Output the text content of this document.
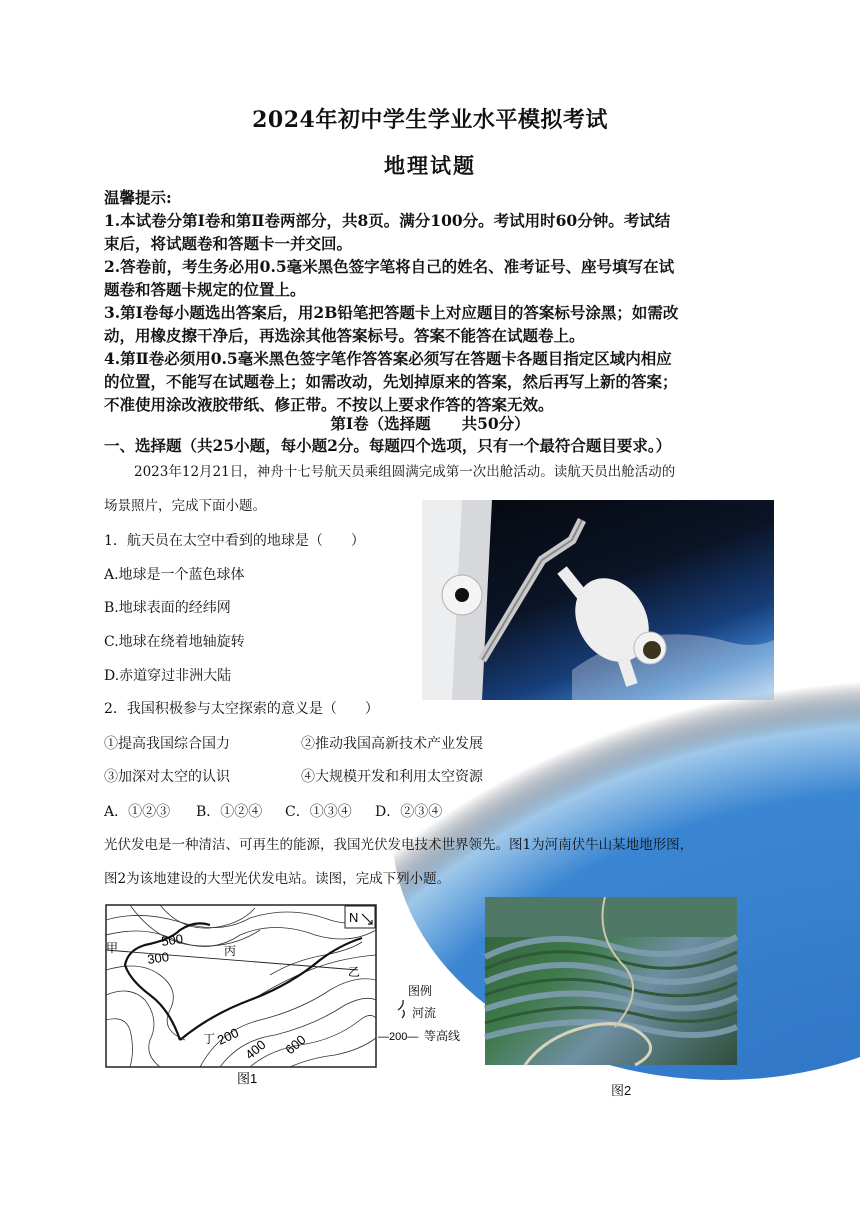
2024年初中学生学业水平模拟考试
地理试题
温馨提示:
1.本试卷分第Ⅰ卷和第Ⅱ卷两部分，共8页。满分100分。考试用时60分钟。考试结
束后，将试题卷和答题卡一并交回。
2.答卷前，考生务必用0.5毫米黑色签字笔将自己的姓名、准考证号、座号填写在试
题卷和答题卡规定的位置上。
3.第Ⅰ卷每小题选出答案后，用2B铅笔把答题卡上对应题目的答案标号涂黑；如需改
动，用橡皮擦干净后，再选涂其他答案标号。答案不能答在试题卷上。
4.第Ⅱ卷必须用0.5毫米黑色签字笔作答答案必须写在答题卡各题目指定区域内相应
的位置，不能写在试题卷上；如需改动，先划掉原来的答案，然后再写上新的答案；
不准使用涂改液胶带纸、修正带。不按以上要求作答的答案无效。
第Ⅰ卷（选择题　　共50分）
一、选择题（共25小题，每小题2分。每题四个选项，只有一个最符合题目要求。）
2023年12月21日，神舟十七号航天员乘组圆满完成第一次出舱活动。读航天员出舱活动的
场景照片，完成下面小题。
1．航天员在太空中看到的地球是（　　）
A.地球是一个蓝色球体
B.地球表面的经纬网
C.地球在绕着地轴旋转
D.赤道穿过非洲大陆
2．我国积极参与太空探索的意义是（　　）
①提高我国综合国力	②推动我国高新技术产业发展
③加深对太空的认识	④大规模开发和利用太空资源
A．①②③ B．①②④ C．①③④ D．②③④
光伏发电是一种清洁、可再生的能源，我国光伏发电技术世界领先。图1为河南伏牛山某地地形图，
图2为该地建设的大型光伏发电站。读图，完成下列小题。
N
500
300
200
400 600
甲
乙
丙
丁
图例
河流
—200— 等高线
图1
图2
